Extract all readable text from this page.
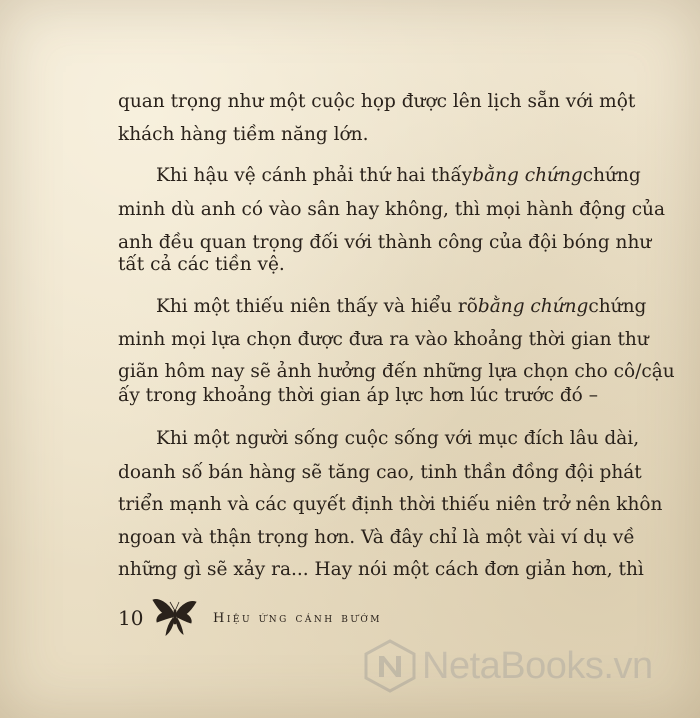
quan trọng như một cuộc họp được lên lịch sẵn với một
khách hàng tiềm năng lớn.
Khi hậu vệ cánh phải thứ hai thấy bằng chứng chứng
minh dù anh có vào sân hay không, thì mọi hành động của
anh đều quan trọng đối với thành công của đội bóng như
tất cả các tiền vệ.
Khi một thiếu niên thấy và hiểu rõ bằng chứng chứng
minh mọi lựa chọn được đưa ra vào khoảng thời gian thư
giãn hôm nay sẽ ảnh hưởng đến những lựa chọn cho cô/cậu
ấy trong khoảng thời gian áp lực hơn lúc trước đó –
Khi một người sống cuộc sống với mục đích lâu dài,
doanh số bán hàng sẽ tăng cao, tinh thần đồng đội phát
triển mạnh và các quyết định thời thiếu niên trở nên khôn
ngoan và thận trọng hơn. Và đây chỉ là một vài ví dụ về
những gì sẽ xảy ra... Hay nói một cách đơn giản hơn, thì
10	Hiệu ứng cánh bướm
NetaBooks.vn
